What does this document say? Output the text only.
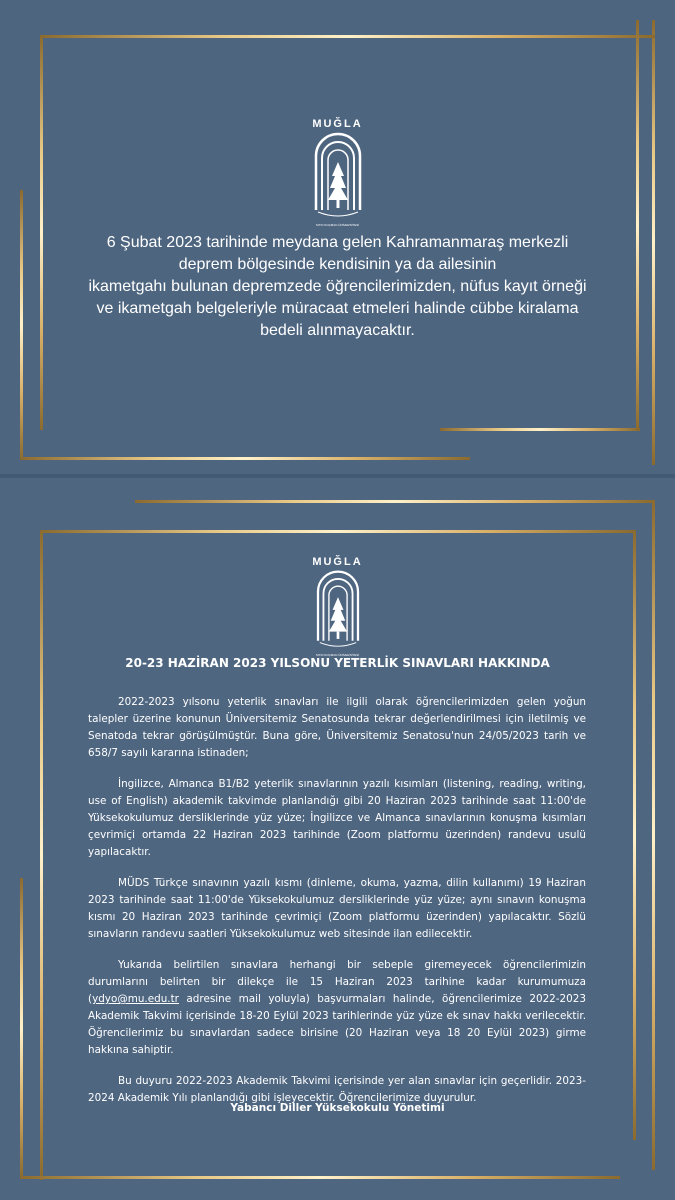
MUĞLA
SITKI KOÇMAN ÜNİVERSİTESİ

6 Şubat 2023 tarihinde meydana gelen Kahramanmaraş merkezli

deprem bölgesinde kendisinin ya da ailesinin

ikametgahı bulunan depremzede öğrencilerimizden, nüfus kayıt örneği

ve ikametgah belgeleriyle müracaat etmeleri halinde cübbe kiralama

bedeli alınmayacaktır.

MUĞLA
SITKI KOÇMAN ÜNİVERSİTESİ
20-23 HAZİRAN 2023 YILSONU YETERLİK SINAVLARI HAKKINDA

2022-2023 yılsonu yeterlik sınavları ile ilgili olarak öğrencilerimizden gelen yoğun talepler üzerine konunun Üniversitemiz Senatosunda tekrar değerlendirilmesi için iletilmiş ve Senatoda tekrar görüşülmüştür. Buna göre, Üniversitemiz Senatosu'nun 24/05/2023 tarih ve 658/7 sayılı kararına istinaden;

İngilizce, Almanca B1/B2 yeterlik sınavlarının yazılı kısımları (listening, reading, writing, use of English) akademik takvimde planlandığı gibi 20 Haziran 2023 tarihinde saat 11:00'de Yüksekokulumuz dersliklerinde yüz yüze; İngilizce ve Almanca sınavlarının konuşma kısımları çevrimiçi ortamda 22 Haziran 2023 tarihinde (Zoom platformu üzerinden) randevu usulü yapılacaktır.

MÜDS Türkçe sınavının yazılı kısmı (dinleme, okuma, yazma, dilin kullanımı) 19 Haziran 2023 tarihinde saat 11:00'de Yüksekokulumuz dersliklerinde yüz yüze; aynı sınavın konuşma kısmı 20 Haziran 2023 tarihinde çevrimiçi (Zoom platformu üzerinden) yapılacaktır. Sözlü sınavların randevu saatleri Yüksekokulumuz web sitesinde ilan edilecektir.

Yukarıda belirtilen sınavlara herhangi bir sebeple giremeyecek öğrencilerimizin durumlarını belirten bir dilekçe ile 15 Haziran 2023 tarihine kadar kurumumuza (ydyo@mu.edu.tr adresine mail yoluyla) başvurmaları halinde, öğrencilerimize 2022-2023 Akademik Takvimi içerisinde 18-20 Eylül 2023 tarihlerinde yüz yüze ek sınav hakkı verilecektir. Öğrencilerimiz bu sınavlardan sadece birisine (20 Haziran veya 18 20 Eylül 2023) girme hakkına sahiptir.

Bu duyuru 2022-2023 Akademik Takvimi içerisinde yer alan sınavlar için geçerlidir. 2023-2024 Akademik Yılı planlandığı gibi işleyecektir. Öğrencilerimize duyurulur.

Yabancı Diller Yüksekokulu Yönetimi
